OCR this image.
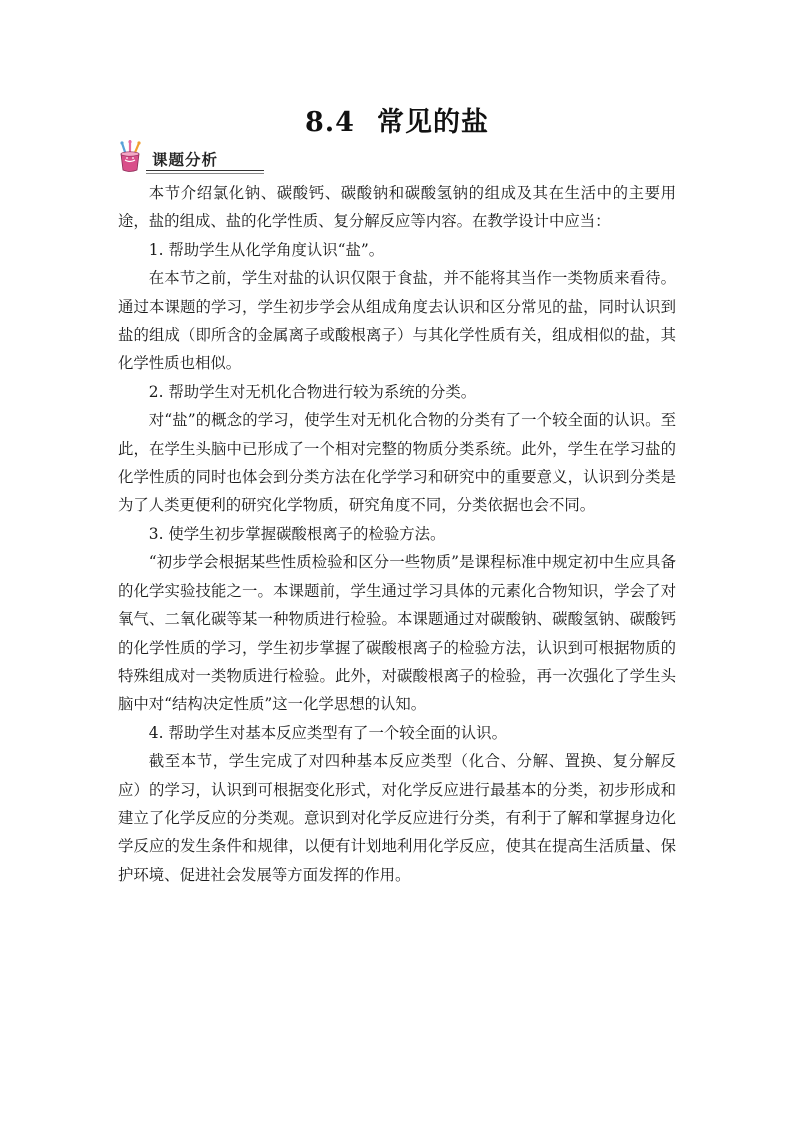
8.4 常见的盐
课题分析

本节介绍氯化钠、碳酸钙、碳酸钠和碳酸氢钠的组成及其在生活中的主要用途，盐的组成、盐的化学性质、复分解反应等内容。在教学设计中应当：

1. 帮助学生从化学角度认识“盐”。

在本节之前，学生对盐的认识仅限于食盐，并不能将其当作一类物质来看待。通过本课题的学习，学生初步学会从组成角度去认识和区分常见的盐，同时认识到盐的组成（即所含的金属离子或酸根离子）与其化学性质有关，组成相似的盐，其化学性质也相似。

2. 帮助学生对无机化合物进行较为系统的分类。

对“盐”的概念的学习，使学生对无机化合物的分类有了一个较全面的认识。至此，在学生头脑中已形成了一个相对完整的物质分类系统。此外，学生在学习盐的化学性质的同时也体会到分类方法在化学学习和研究中的重要意义，认识到分类是为了人类更便利的研究化学物质，研究角度不同，分类依据也会不同。

3. 使学生初步掌握碳酸根离子的检验方法。

“初步学会根据某些性质检验和区分一些物质”是课程标准中规定初中生应具备的化学实验技能之一。本课题前，学生通过学习具体的元素化合物知识，学会了对氧气、二氧化碳等某一种物质进行检验。本课题通过对碳酸钠、碳酸氢钠、碳酸钙的化学性质的学习，学生初步掌握了碳酸根离子的检验方法，认识到可根据物质的特殊组成对一类物质进行检验。此外，对碳酸根离子的检验，再一次强化了学生头脑中对“结构决定性质”这一化学思想的认知。

4. 帮助学生对基本反应类型有了一个较全面的认识。

截至本节，学生完成了对四种基本反应类型（化合、分解、置换、复分解反应）的学习，认识到可根据变化形式，对化学反应进行最基本的分类，初步形成和建立了化学反应的分类观。意识到对化学反应进行分类，有利于了解和掌握身边化学反应的发生条件和规律，以便有计划地利用化学反应，使其在提高生活质量、保护环境、促进社会发展等方面发挥的作用。
